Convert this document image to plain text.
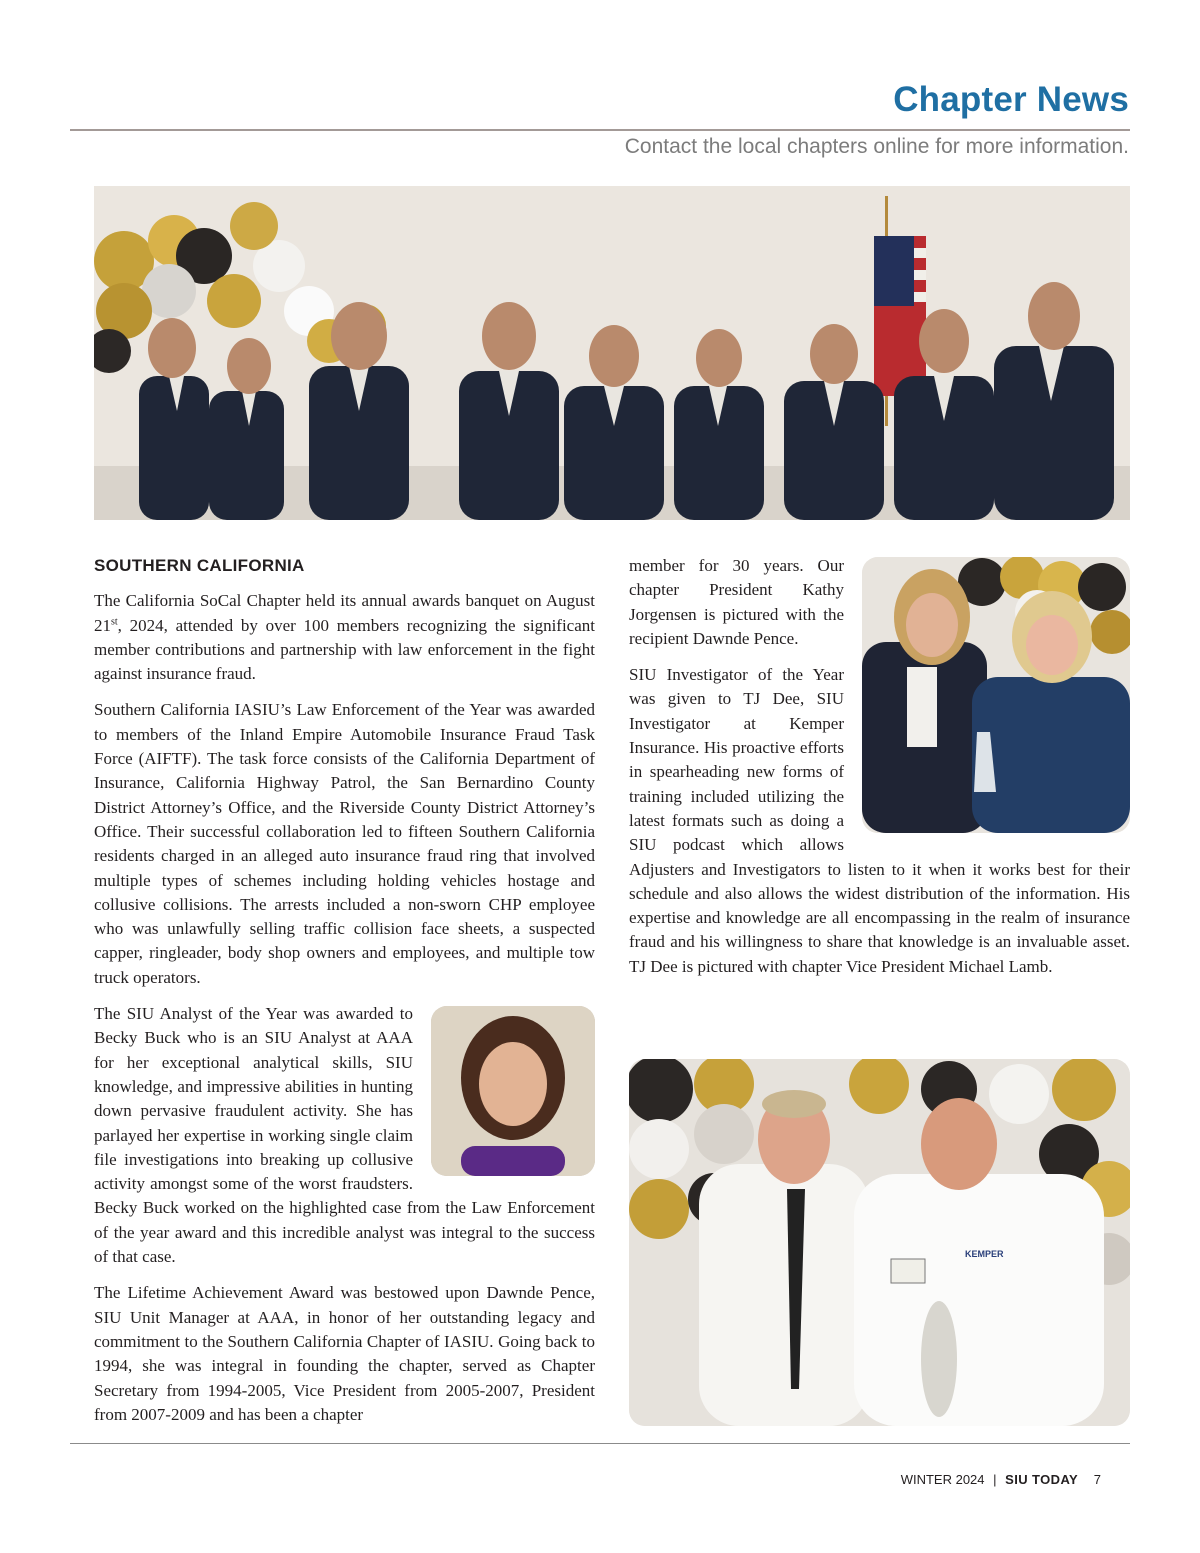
Chapter News
Contact the local chapters online for more information.
SOUTHERN CALIFORNIA

The California SoCal Chapter held its annual awards banquet on August 21st, 2024, attended by over 100 members recognizing the significant member contributions and partnership with law enforcement in the fight against insurance fraud.

Southern California IASIU’s Law Enforcement of the Year was awarded to members of the Inland Empire Automobile Insurance Fraud Task Force (AIFTF). The task force consists of the California Department of Insurance, California Highway Patrol, the San Bernardino County District Attorney’s Office, and the Riverside County District Attorney’s Office. Their successful collaboration led to fifteen Southern California residents charged in an alleged auto insurance fraud ring that involved multiple types of schemes including holding vehicles hostage and collusive collisions. The arrests included a non-sworn CHP employee who was unlawfully selling traffic collision face sheets, a suspected capper, ringleader, body shop owners and employees, and multiple tow truck operators.

The SIU Analyst of the Year was awarded to Becky Buck who is an SIU Analyst at AAA for her exceptional analytical skills, SIU knowledge, and impressive abilities in hunting down pervasive fraudulent activity. She has parlayed her expertise in working single claim file investigations into breaking up collusive activity amongst some of the worst fraudsters. Becky Buck worked on the highlighted case from the Law Enforcement of the year award and this incredible analyst was integral to the success of that case.

The Lifetime Achievement Award was bestowed upon Dawnde Pence, SIU Unit Manager at AAA, in honor of her outstanding legacy and commitment to the Southern California Chapter of IASIU. Going back to 1994, she was integral in founding the chapter, served as Chapter Secretary from 1994-2005, Vice President from 2005-2007, President from 2007-2009 and has been a chapter

member for 30 years. Our chapter President Kathy Jorgensen is pictured with the recipient Dawnde Pence.

SIU Investigator of the Year was given to TJ Dee, SIU Investigator at Kemper Insurance. His proactive efforts in spearheading new forms of training included utilizing the latest formats such as doing a SIU podcast which allows Adjusters and Investigators to listen to it when it works best for their schedule and also allows the widest distribution of the information. His expertise and knowledge are all encompassing in the realm of insurance fraud and his willingness to share that knowledge is an invaluable asset. TJ Dee is pictured with chapter Vice President Michael Lamb.

KEMPER
WINTER 2024 | SIU TODAY 7
